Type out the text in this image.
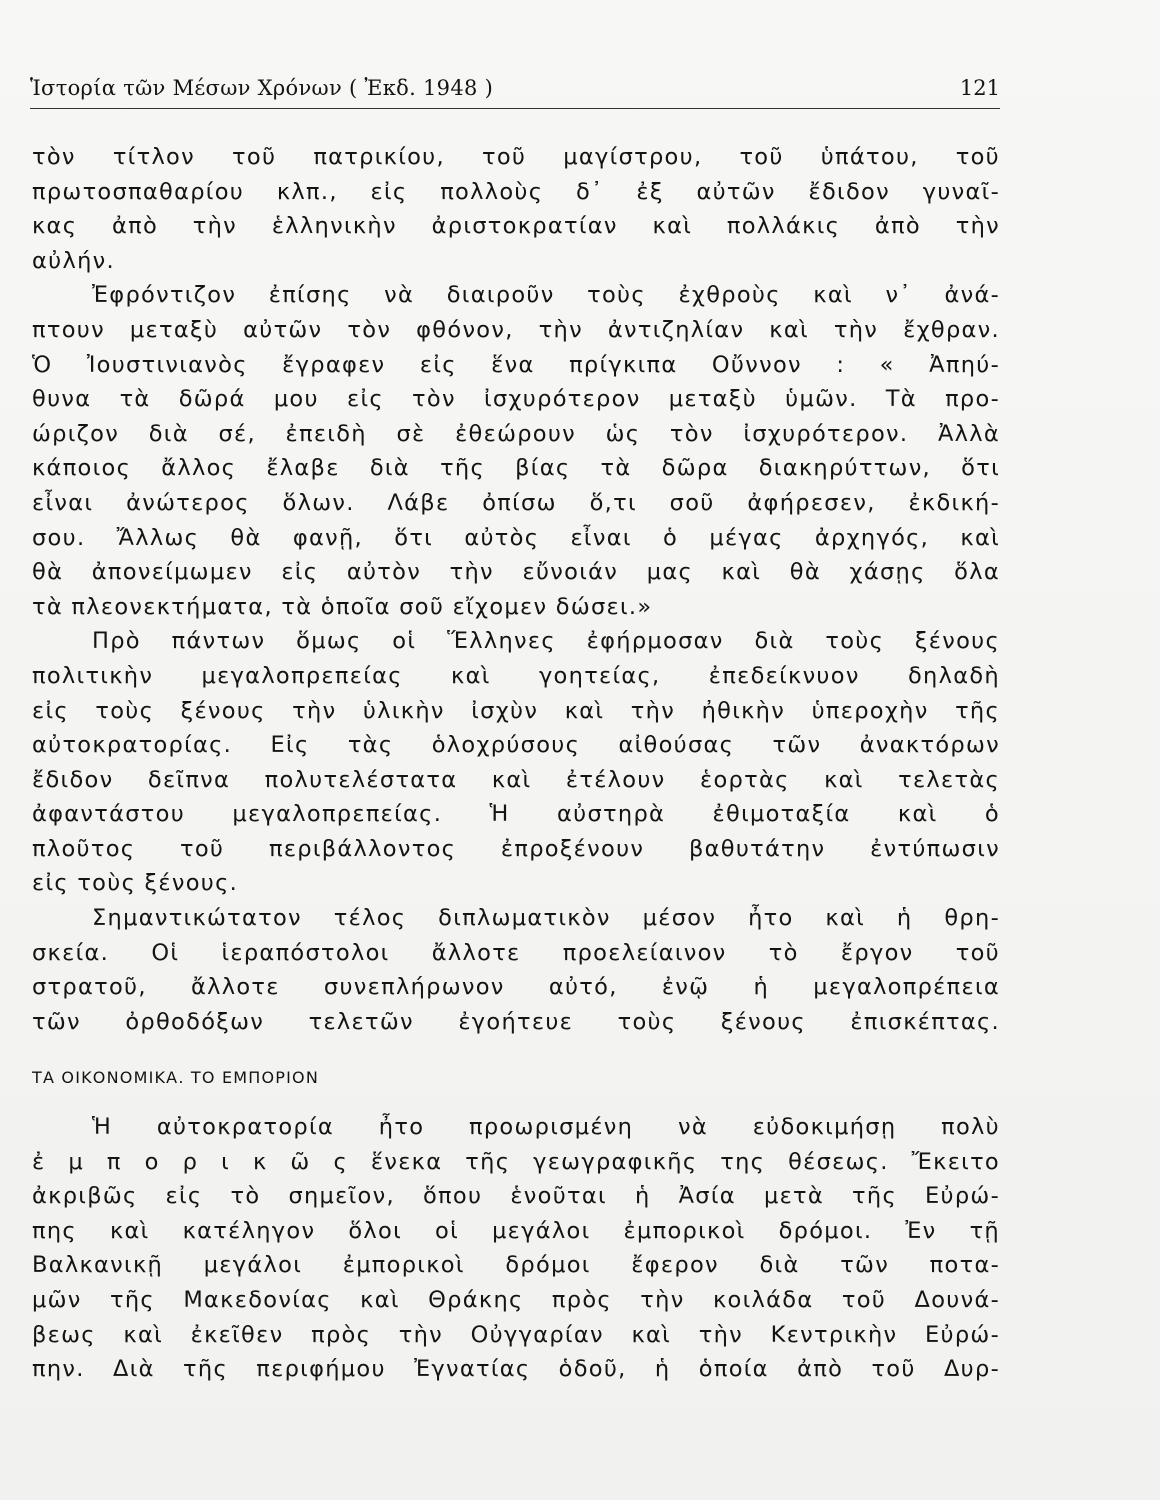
Ἱστορία τῶν Μέσων Χρόνων ( Ἐκδ. 1948 )	121
τὸν τίτλον τοῦ πατρικίου, τοῦ μαγίστρου, τοῦ ὑπάτου, τοῦ
πρωτοσπαθαρίου κλπ., εἰς πολλοὺς δ᾽ ἐξ αὐτῶν ἔδιδον γυναῖ-
κας ἀπὸ τὴν ἑλληνικὴν ἀριστοκρατίαν καὶ πολλάκις ἀπὸ τὴν
αὐλήν.
Ἐφρόντιζον ἐπίσης νὰ διαιροῦν τοὺς ἐχθροὺς καὶ ν᾽ ἀνά-
πτουν μεταξὺ αὐτῶν τὸν φθόνον, τὴν ἀντιζηλίαν καὶ τὴν ἔχθραν.
Ὁ Ἰουστινιανὸς ἔγραφεν εἰς ἕνα πρίγκιπα Οὔννον : « Ἀπηύ-
θυνα τὰ δῶρά μου εἰς τὸν ἰσχυρότερον μεταξὺ ὑμῶν. Τὰ προ-
ώριζον διὰ σέ, ἐπειδὴ σὲ ἐθεώρουν ὡς τὸν ἰσχυρότερον. Ἀλλὰ
κάποιος ἄλλος ἔλαβε διὰ τῆς βίας τὰ δῶρα διακηρύττων, ὅτι
εἶναι ἀνώτερος ὅλων. Λάβε ὀπίσω ὅ,τι σοῦ ἀφήρεσεν, ἐκδική-
σου. Ἄλλως θὰ φανῇ, ὅτι αὐτὸς εἶναι ὁ μέγας ἀρχηγός, καὶ
θὰ ἀπονείμωμεν εἰς αὐτὸν τὴν εὔνοιάν μας καὶ θὰ χάσῃς ὅλα
τὰ πλεονεκτήματα, τὰ ὁποῖα σοῦ εἴχομεν δώσει.»
Πρὸ πάντων ὅμως οἱ Ἕλληνες ἐφήρμοσαν διὰ τοὺς ξένους
πολιτικὴν μεγαλοπρεπείας καὶ γοητείας, ἐπεδείκνυον δηλαδὴ
εἰς τοὺς ξένους τὴν ὑλικὴν ἰσχὺν καὶ τὴν ἠθικὴν ὑπεροχὴν τῆς
αὐτοκρατορίας. Εἰς τὰς ὁλοχρύσους αἰθούσας τῶν ἀνακτόρων
ἔδιδον δεῖπνα πολυτελέστατα καὶ ἐτέλουν ἑορτὰς καὶ τελετὰς
ἀφαντάστου μεγαλοπρεπείας. Ἡ αὐστηρὰ ἐθιμοταξία καὶ ὁ
πλοῦτος τοῦ περιβάλλοντος ἐπροξένουν βαθυτάτην ἐντύπωσιν
εἰς τοὺς ξένους.
Σημαντικώτατον τέλος διπλωματικὸν μέσον ἦτο καὶ ἡ θρη-
σκεία. Οἱ ἱεραπόστολοι ἄλλοτε προελείαινον τὸ ἔργον τοῦ
στρατοῦ, ἄλλοτε συνεπλήρωνον αὐτό, ἐνῷ ἡ μεγαλοπρέπεια
τῶν ὀρθοδόξων τελετῶν ἐγοήτευε τοὺς ξένους ἐπισκέπτας.
ΤΑ ΟΙΚΟΝΟΜΙΚΑ. ΤΟ ΕΜΠΟΡΙΟΝ
Ἡ αὐτοκρατορία ἦτο προωρισμένη νὰ εὐδοκιμήσῃ πολὺ
ἐ μ π ο ρ ι κ ῶ ς ἕνεκα τῆς γεωγραφικῆς της θέσεως. Ἔκειτο
ἀκριβῶς εἰς τὸ σημεῖον, ὅπου ἑνοῦται ἡ Ἀσία μετὰ τῆς Εὐρώ-
πης καὶ κατέληγον ὅλοι οἱ μεγάλοι ἐμπορικοὶ δρόμοι. Ἐν τῇ
Βαλκανικῇ μεγάλοι ἐμπορικοὶ δρόμοι ἔφερον διὰ τῶν ποτα-
μῶν τῆς Μακεδονίας καὶ Θράκης πρὸς τὴν κοιλάδα τοῦ Δουνά-
βεως καὶ ἐκεῖθεν πρὸς τὴν Οὐγγαρίαν καὶ τὴν Κεντρικὴν Εὐρώ-
πην. Διὰ τῆς περιφήμου Ἐγνατίας ὁδοῦ, ἡ ὁποία ἀπὸ τοῦ Δυρ-
